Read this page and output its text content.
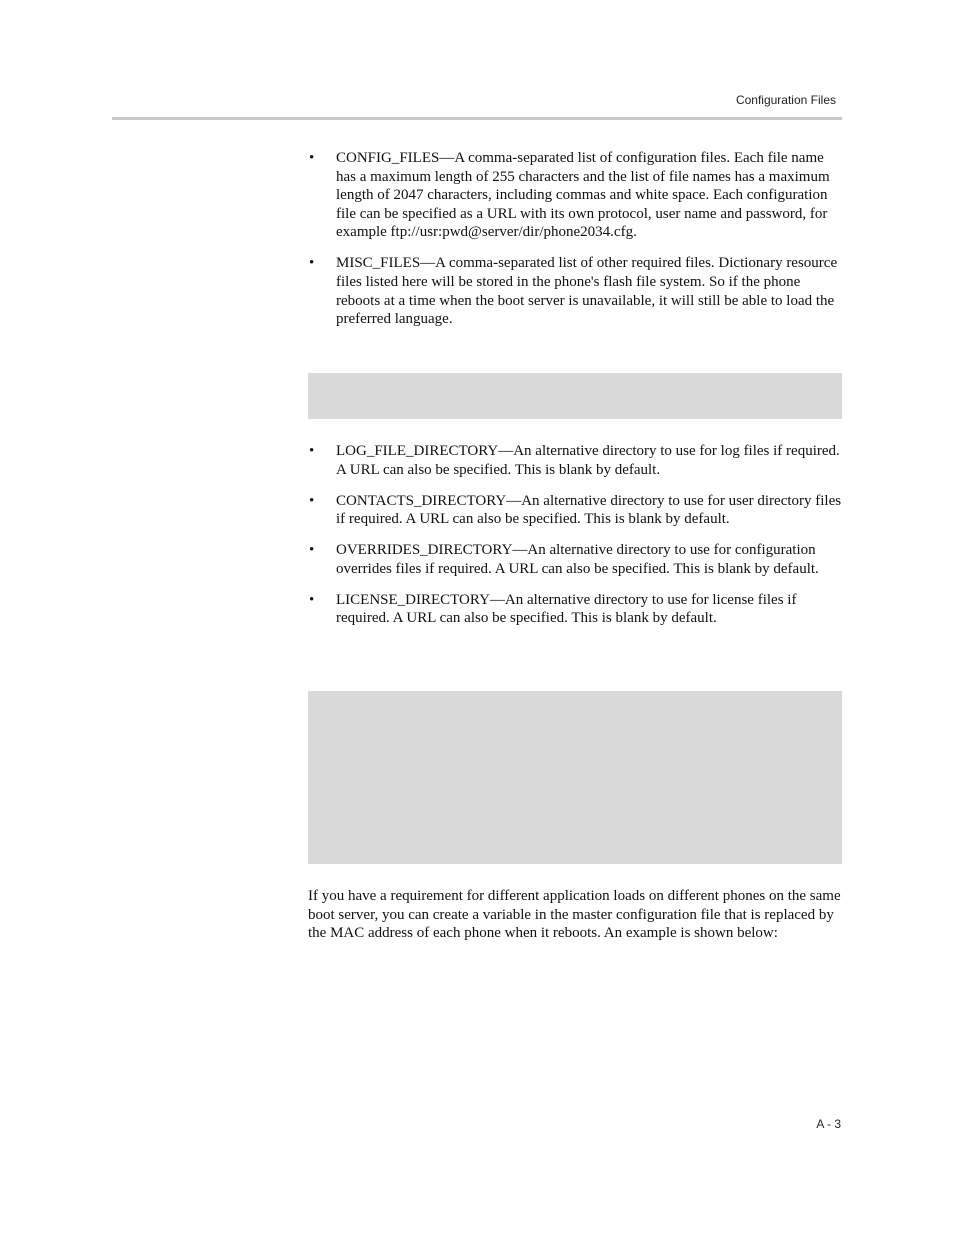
Configuration Files
• CONFIG_FILES—A comma-separated list of configuration files. Each file name has a maximum length of 255 characters and the list of file names has a maximum length of 2047 characters, including commas and white space. Each configuration file can be specified as a URL with its own protocol, user name and password, for example ftp://usr:pwd@server/dir/phone2034.cfg.
• MISC_FILES—A comma-separated list of other required files. Dictionary resource files listed here will be stored in the phone's flash file system. So if the phone reboots at a time when the boot server is unavailable, it will still be able to load the preferred language.
• LOG_FILE_DIRECTORY—An alternative directory to use for log files if required. A URL can also be specified. This is blank by default.
• CONTACTS_DIRECTORY—An alternative directory to use for user directory files if required. A URL can also be specified. This is blank by default.
• OVERRIDES_DIRECTORY—An alternative directory to use for configuration overrides files if required. A URL can also be specified. This is blank by default.
• LICENSE_DIRECTORY—An alternative directory to use for license files if required. A URL can also be specified. This is blank by default.

If you have a requirement for different application loads on different phones on the same boot server, you can create a variable in the master configuration file that is replaced by the MAC address of each phone when it reboots. An example is shown below:

A - 3
